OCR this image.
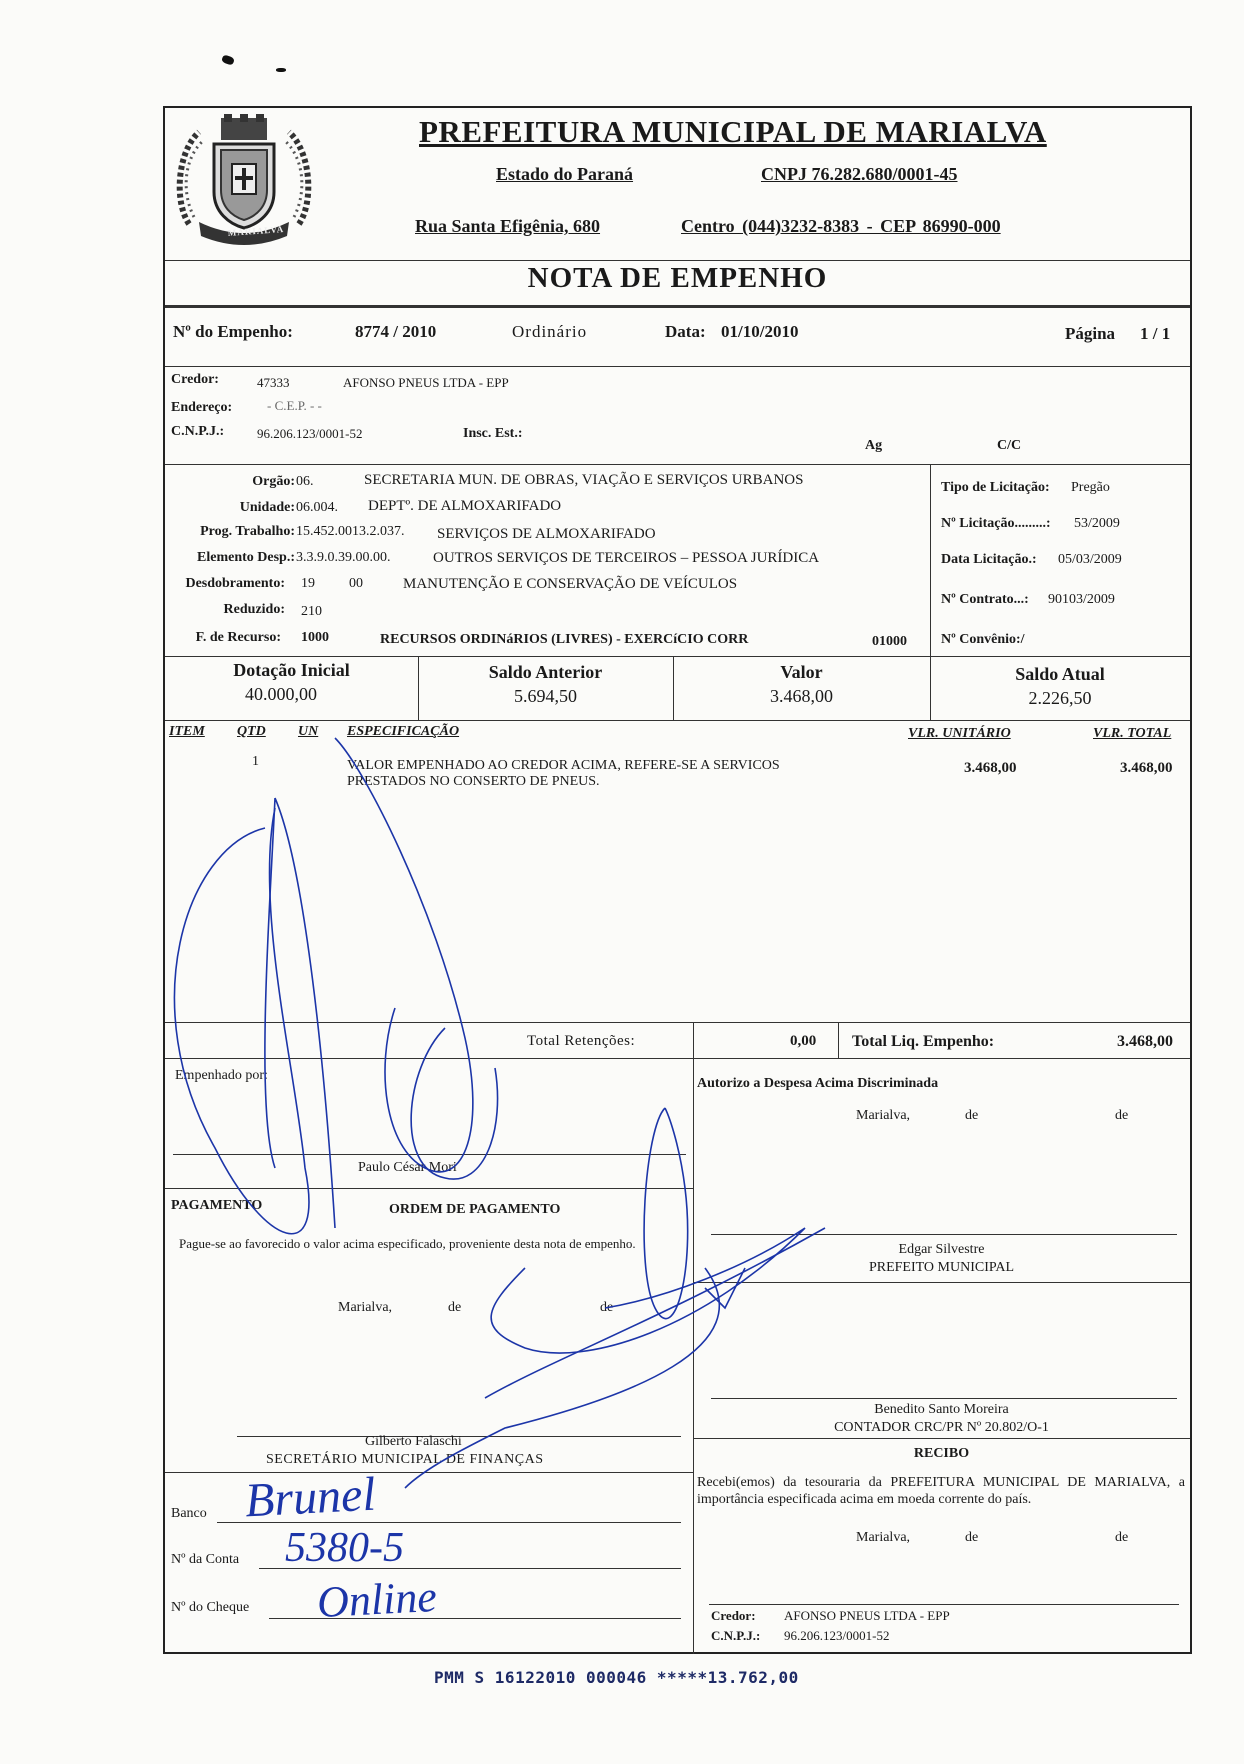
MARIALVA
PREFEITURA MUNICIPAL DE MARIALVA
Estado do Paraná	CNPJ 76.282.680/0001-45
Rua Santa Efigênia, 680	Centro (044)3232-8383 - CEP 86990-000
NOTA DE EMPENHO
Nº do Empenho:	8774 / 2010	Ordinário	Data: 01/10/2010	Página 1 / 1
Credor:	47333	AFONSO PNEUS LTDA - EPP
Endereço:	- C.E.P. - -
C.N.P.J.:	96.206.123/0001-52	Insc. Est.:
Ag	C/C
Orgão: 06.	SECRETARIA MUN. DE OBRAS, VIAÇÃO E SERVIÇOS URBANOS
Unidade: 06.004. DEPTº. DE ALMOXARIFADO
Prog. Trabalho: 15.452.0013.2.037. SERVIÇOS DE ALMOXARIFADO
Elemento Desp.: 3.3.9.0.39.00.00.	OUTROS SERVIÇOS DE TERCEIROS – PESSOA JURÍDICA
Desdobramento: 19 00	MANUTENÇÃO E CONSERVAÇÃO DE VEÍCULOS
Reduzido: 210
F. de Recurso: 1000	RECURSOS ORDINáRIOS (LIVRES) - EXERCíCIO CORR	01000
Tipo de Licitação: Pregão
Nº Licitação.........: 53/2009
Data Licitação.: 05/03/2009
Nº Contrato...: 90103/2009
Nº Convênio:/
Dotação Inicial
40.000,00
Saldo Anterior
5.694,50
Valor
3.468,00
Saldo Atual
2.226,50
ITEM QTD UN ESPECIFICAÇÃO	VLR. UNITÁRIO	VLR. TOTAL
1	VALOR EMPENHADO AO CREDOR ACIMA, REFERE-SE A SERVICOS
PRESTADOS NO CONSERTO DE PNEUS.
3.468,00	3.468,00
Total Retenções:	0,00 Total Liq. Empenho:	3.468,00
Empenhado por:
Paulo César Mori
Autorizo a Despesa Acima Discriminada
Marialva,	de	de
PAGAMENTO	ORDEM DE PAGAMENTO
Pague-se ao favorecido o valor acima especificado, proveniente desta nota de empenho.
Marialva,	de	de
Gilberto Falaschi
SECRETÁRIO MUNICIPAL DE FINANÇAS
Banco
Nº da Conta
Nº do Cheque
Edgar Silvestre
PREFEITO MUNICIPAL
Benedito Santo Moreira
CONTADOR CRC/PR Nº 20.802/O-1
RECIBO
Recebi(emos) da tesouraria da PREFEITURA MUNICIPAL DE MARIALVA, a importância especificada acima em moeda corrente do país.
Marialva,	de	de
Credor: AFONSO PNEUS LTDA - EPP
C.N.P.J.: 96.206.123/0001-52
Brunel
5380-5
Online
PMM S 16122010 000046 *****13.762,00
